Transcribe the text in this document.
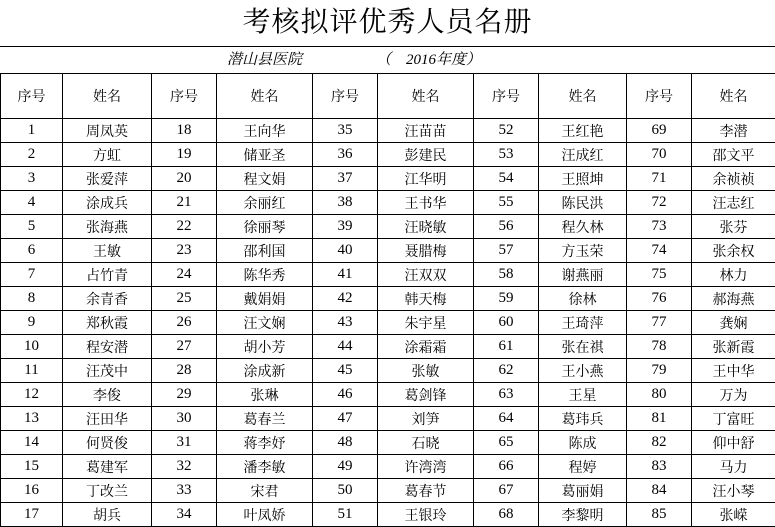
考核拟评优秀人员名册
潜山县医院	（　2016年度）
序号	姓名	序号	姓名	序号	姓名	序号	姓名	序号	姓名
1	周凤英	18	王向华	35	汪苗苗	52	王红艳	69	李潜
2	方虹	19	储亚圣	36	彭建民	53	汪成红	70	邵文平
3	张爱萍	20	程文娟	37	江华明	54	王照坤	71	余祯祯
4	涂成兵	21	余丽红	38	王书华	55	陈民洪	72	汪志红
5	张海燕	22	徐丽琴	39	汪晓敏	56	程久林	73	张芬
6	王敏	23	邵利国	40	聂腊梅	57	方玉荣	74	张余权
7	占竹青	24	陈华秀	41	汪双双	58	谢燕丽	75	林力
8	余青香	25	戴娟娟	42	韩天梅	59	徐林	76	郝海燕
9	郑秋霞	26	汪文娴	43	朱宇星	60	王琦萍	77	龚娴
10	程安潜	27	胡小芳	44	涂霜霜	61	张在祺	78	张新霞
11	汪茂中	28	涂成新	45	张敏	62	王小燕	79	王中华
12	李俊	29	张琳	46	葛剑锋	63	王星	80	万为
13	汪田华	30	葛春兰	47	刘笋	64	葛玮兵	81	丁富旺
14	何贤俊	31	蒋李妤	48	石晓	65	陈成	82	仰中舒
15	葛建军	32	潘李敏	49	许湾湾	66	程婷	83	马力
16	丁改兰	33	宋君	50	葛春节	67	葛丽娟	84	汪小琴
17	胡兵	34	叶凤娇	51	王银玲	68	李黎明	85	张嵘
